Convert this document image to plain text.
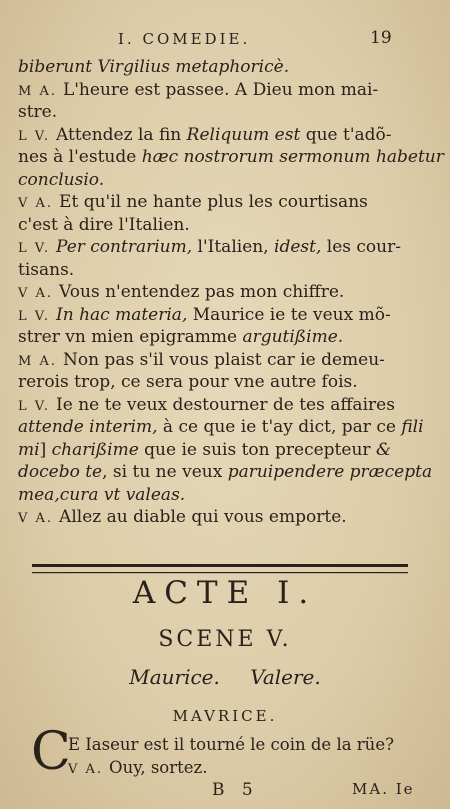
I. COMEDIE.	19
biberunt Virgilius metaphoricè.
M A. L'heure est passee. A Dieu mon mai-
stre.
L V. Attendez la fin Reliquum est que t'adõ-
nes à l'estude hæc nostrorum sermonum habetur
conclusio.
V A. Et qu'il ne hante plus les courtisans
c'est à dire l'Italien.
L V. Per contrarium, l'Italien, idest, les cour-
tisans.
V A. Vous n'entendez pas mon chiffre.
L V. In hac materia, Maurice ie te veux mõ-
strer vn mien epigramme argutißime.
M A. Non pas s'il vous plaist car ie demeu-
rerois trop, ce sera pour vne autre fois.
L V. Ie ne te veux destourner de tes affaires
attende interim, à ce que ie t'ay dict, par ce fili
mi] charißime que ie suis ton precepteur &
docebo te, si tu ne veux paruipendere præcepta
mea,cura vt valeas.
V A. Allez au diable qui vous emporte.
ACTE I.
SCENE V.
Maurice. Valere.
MAVRICE.
C
E Iaseur est il tourné le coin de la rüe?
V A. Ouy, sortez.
B 5	MA. Ie
